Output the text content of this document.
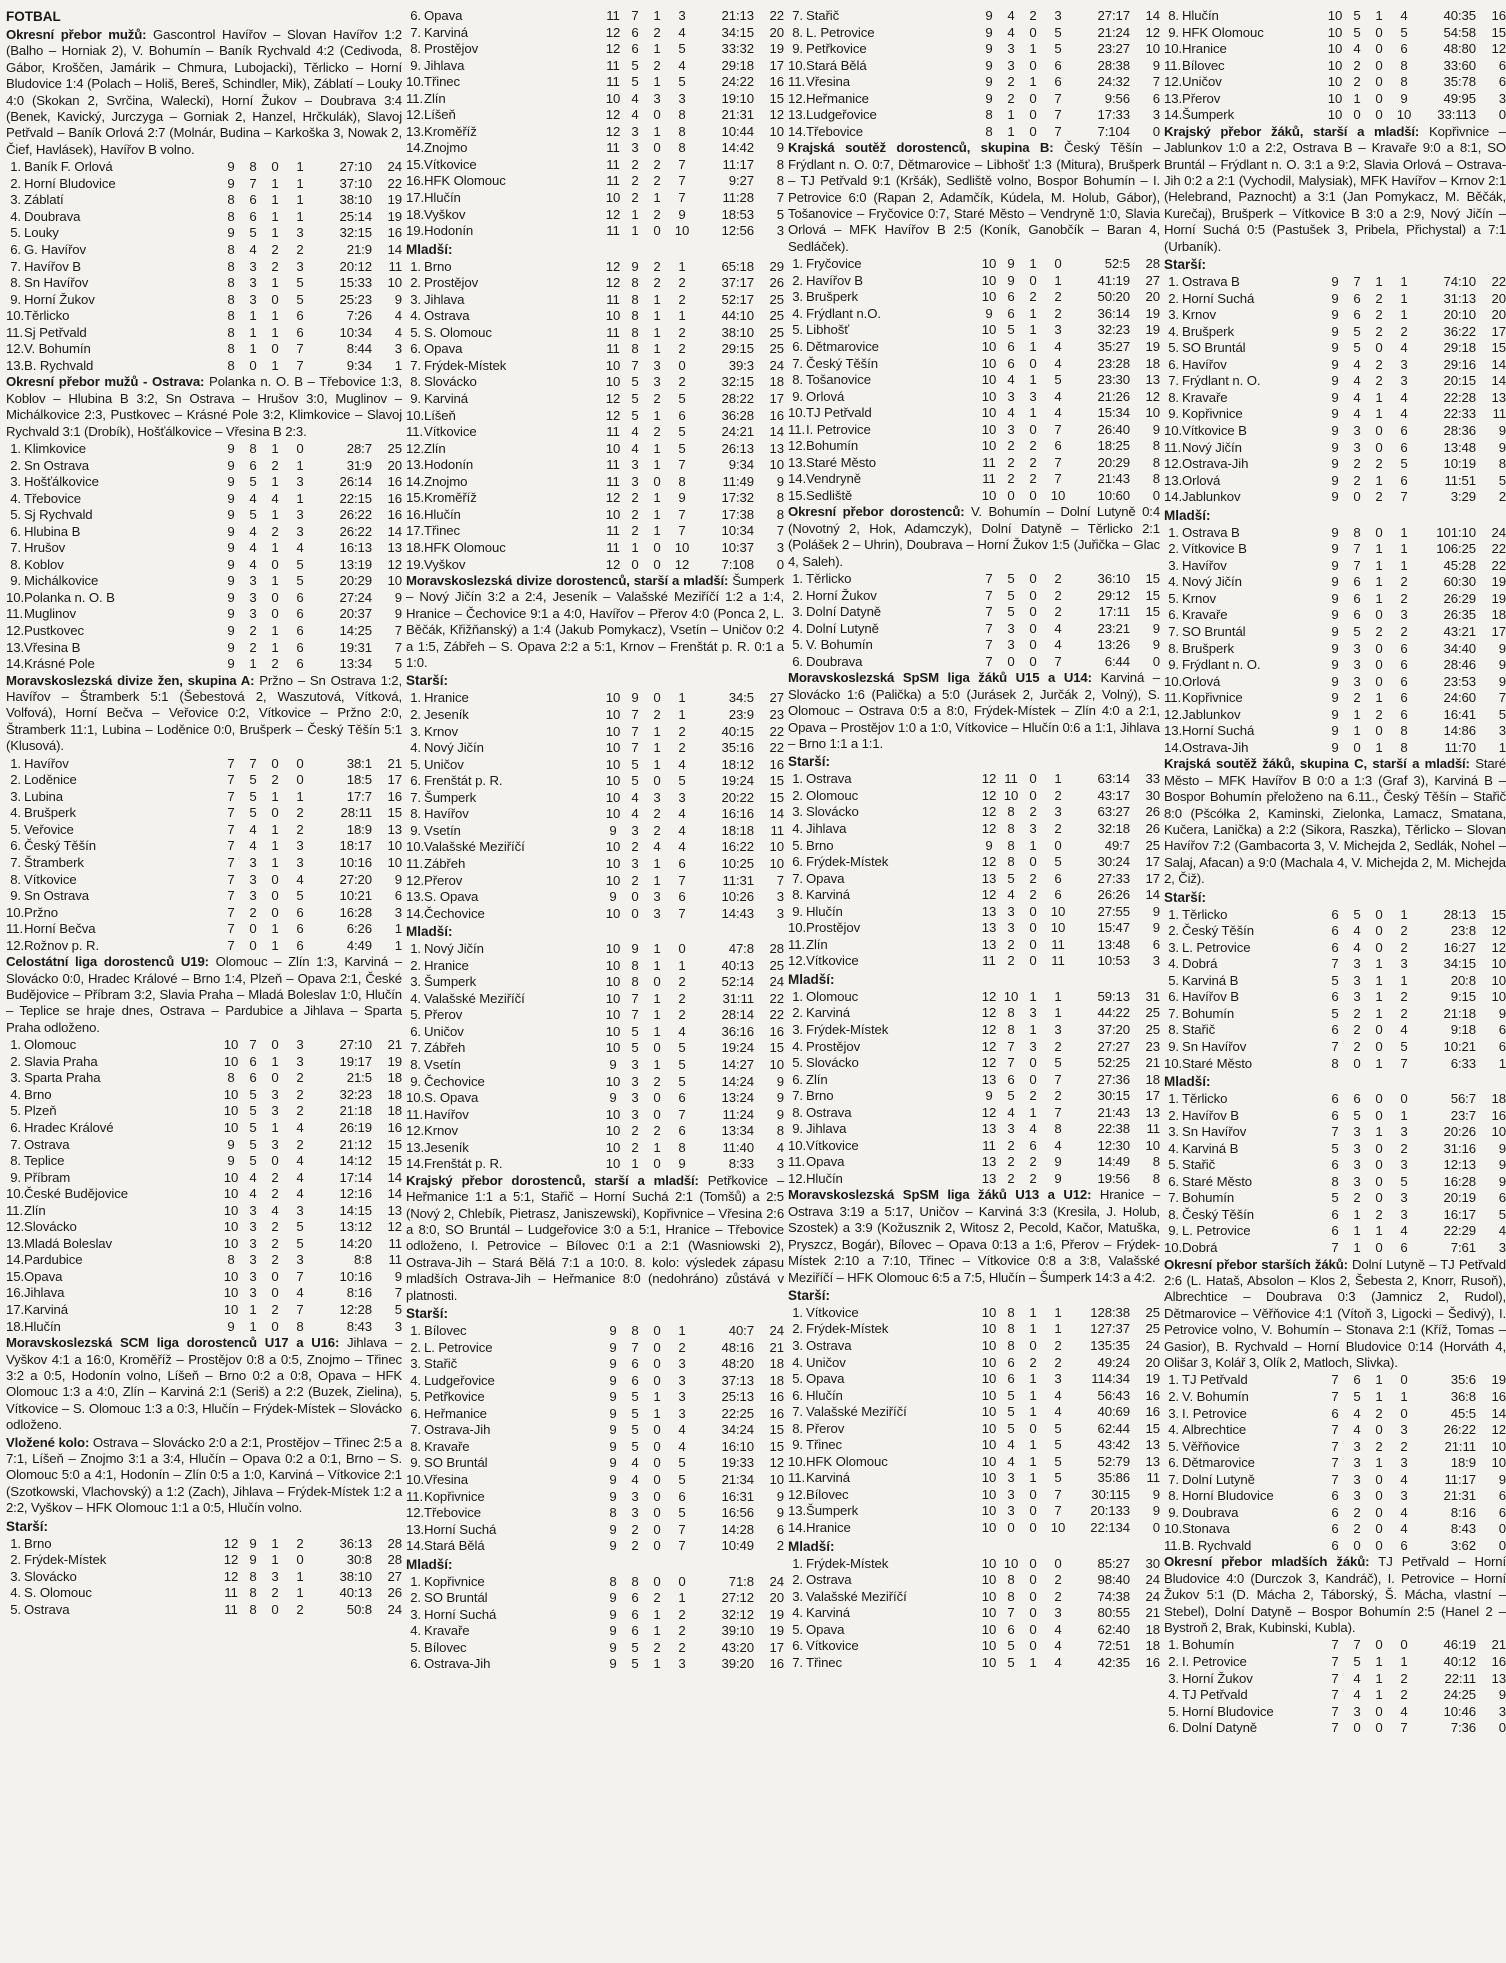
FOTBAL

Okresní přebor mužů: Gascontrol Havířov – Slovan Havířov 1:2 (Balho – Horniak 2), V. Bohumín – Baník Rychvald 4:2 (Cedivoda, Gábor, Kroščen, Jamárik – Chmura, Lubojacki), Těrlicko – Horní Bludovice 1:4 (Polach – Holiš, Bereš, Schindler, Mik), Záblatí – Louky 4:0 (Skokan 2, Svrčina, Walecki), Horní Žukov – Doubrava 3:4 (Benek, Kavický, Jurczyga – Gorniak 2, Hanzel, Hrčkulák), Slavoj Petřvald – Baník Orlová 2:7 (Molnár, Budina – Karkoška 3, Nowak 2, Čief, Havlásek), Havířov B volno.

1. Baník F. Orlová	9	8	0	1	27:10	24
2. Horní Bludovice	9	7	1	1	37:10	22
3. Záblatí	8	6	1	1	38:10	19
4. Doubrava	8	6	1	1	25:14	19
5. Louky	9	5	1	3	32:15	16
6. G. Havířov	8	4	2	2	21:9	14
7. Havířov B	8	3	2	3	20:12	11
8. Sn Havířov	8	3	1	5	15:33	10
9. Horní Žukov	8	3	0	5	25:23	9
10. Těrlicko	8	1	1	6	7:26	4
11. Sj Petřvald	8	1	1	6	10:34	4
12. V. Bohumín	8	1	0	7	8:44	3
13. B. Rychvald	8	0	1	7	9:34	1

Okresní přebor mužů - Ostrava: Polanka n. O. B – Třebovice 1:3, Koblov – Hlubina B 3:2, Sn Ostrava – Hrušov 3:0, Muglinov – Michálkovice 2:3, Pustkovec – Krásné Pole 3:2, Klimkovice – Slavoj Rychvald 3:1 (Drobík), Hošťálkovice – Vřesina B 2:3.

1. Klimkovice	9	8	1	0	28:7	25
2. Sn Ostrava	9	6	2	1	31:9	20
3. Hošťálkovice	9	5	1	3	26:14	16
4. Třebovice	9	4	4	1	22:15	16
5. Sj Rychvald	9	5	1	3	26:22	16
6. Hlubina B	9	4	2	3	26:22	14
7. Hrušov	9	4	1	4	16:13	13
8. Koblov	9	4	0	5	13:19	12
9. Michálkovice	9	3	1	5	20:29	10
10. Polanka n. O. B	9	3	0	6	27:24	9
11. Muglinov	9	3	0	6	20:37	9
12. Pustkovec	9	2	1	6	14:25	7
13. Vřesina B	9	2	1	6	19:31	7
14. Krásné Pole	9	1	2	6	13:34	5

Moravskoslezská divize žen, skupina A: Pržno – Sn Ostrava 1:2, Havířov – Štramberk 5:1 (Šebestová 2, Waszutová, Vítková, Volfová), Horní Bečva – Veřovice 0:2, Vítkovice – Pržno 2:0, Štramberk 11:1, Lubina – Loděnice 0:0, Brušperk – Český Těšín 5:1 (Klusová).

1. Havířov	7	7	0	0	38:1	21
2. Loděnice	7	5	2	0	18:5	17
3. Lubina	7	5	1	1	17:7	16
4. Brušperk	7	5	0	2	28:11	15
5. Veřovice	7	4	1	2	18:9	13
6. Český Těšín	7	4	1	3	18:17	10
7. Štramberk	7	3	1	3	10:16	10
8. Vítkovice	7	3	0	4	27:20	9
9. Sn Ostrava	7	3	0	5	10:21	6
10. Pržno	7	2	0	6	16:28	3
11. Horní Bečva	7	0	1	6	6:26	1
12. Rožnov p. R.	7	0	1	6	4:49	1

Celostátní liga dorostenců U19: Olomouc – Zlín 1:3, Karviná – Slovácko 0:0, Hradec Králové – Brno 1:4, Plzeň – Opava 2:1, České Budějovice – Příbram 3:2, Slavia Praha – Mladá Boleslav 1:0, Hlučín – Teplice se hraje dnes, Ostrava – Pardubice a Jihlava – Sparta Praha odloženo.

1. Olomouc	10 7	0	3	27:10	21
2. Slavia Praha	10 6	1	3	19:17	19
3. Sparta Praha	8	6	0	2	21:5	18
4. Brno	10 5	3	2	32:23	18
5. Plzeň	10 5	3	2	21:18	18
6. Hradec Králové	10 5	1	4	26:19	16
7. Ostrava	9	5	3	2	21:12	15
8. Teplice	9	5	0	4	14:12	15
9. Příbram	10 4	2	4	17:14	14
10. České Budějovice	10 4	2	4	12:16	14
11. Zlín	10 3	4	3	14:15	13
12. Slovácko	10 3	2	5	13:12	12
13. Mladá Boleslav	10 3	2	5	14:20	11
14. Pardubice	8	3	2	3	8:8	11
15. Opava	10 3	0	7	10:16	9
16. Jihlava	10 3	0	4	8:16	7
17. Karviná	10 1	2	7	12:28	5
18. Hlučín	9	1	0	8	8:43	3

Moravskoslezská SCM liga dorostenců U17 a U16: Jihlava – Vyškov 4:1 a 16:0, Kroměříž – Prostějov 0:8 a 0:5, Znojmo – Třinec 3:2 a 0:5, Hodonín volno, Líšeň – Brno 0:2 a 0:8, Opava – HFK Olomouc 1:3 a 4:0, Zlín – Karviná 2:1 (Seriš) a 2:2 (Buzek, Zielina), Vítkovice – S. Olomouc 1:3 a 0:3, Hlučín – Frýdek-Místek – Slovácko odloženo.

Vložené kolo: Ostrava – Slovácko 2:0 a 2:1, Prostějov – Třinec 2:5 a 7:1, Líšeň – Znojmo 3:1 a 3:4, Hlučín – Opava 0:2 a 0:1, Brno – S. Olomouc 5:0 a 4:1, Hodonín – Zlín 0:5 a 1:0, Karviná – Vítkovice 2:1 (Szotkowski, Vlachovský) a 1:2 (Zach), Jihlava – Frýdek-Místek 1:2 a 2:2, Vyškov – HFK Olomouc 1:1 a 0:5, Hlučín volno.

Starší:
1. Brno	12 9	1	2	36:13	28
2. Frýdek-Místek	12 9	1	0	30:8	28
3. Slovácko	12 8	3	1	38:10	27
4. S. Olomouc	11 8	2	1	40:13	26
5. Ostrava	11 8	0	2	50:8	24
6. Opava	11 7	1	3	21:13	22
7. Karviná	12 6	2	4	34:15	20
8. Prostějov	12 6	1	5	33:32	19
9. Jihlava	11 5	2	4	29:18	17
10. Třinec	11 5	1	5	24:22	16
11. Zlín	10 4	3	3	19:10	15
12. Líšeň	12 4	0	8	21:31	12
13. Kroměříž	12 3	1	8	10:44	10
14. Znojmo	11 3	0	8	14:42	9
15. Vítkovice	11 2	2	7	11:17	8
16. HFK Olomouc	11 2	2	7	9:27	8
17. Hlučín	10 2	1	7	11:28	7
18. Vyškov	12 1	2	9	18:53	5
19. Hodonín	11 1	0	10	12:56	3
Mladší:
1. Brno	12 9	2	1	65:18	29
2. Prostějov	12 8	2	2	37:17	26
3. Jihlava	11 8	1	2	52:17	25
4. Ostrava	10 8	1	1	44:10	25
5. S. Olomouc	11 8	1	2	38:10	25
6. Opava	11 8	1	2	29:15	25
7. Frýdek-Místek	10 7	3	0	39:3	24
8. Slovácko	10 5	3	2	32:15	18
9. Karviná	12 5	2	5	28:22	17
10. Líšeň	12 5	1	6	36:28	16
11. Vítkovice	11 4	2	5	24:21	14
12. Zlín	10 4	1	5	26:13	13
13. Hodonín	11 3	1	7	9:34	10
14. Znojmo	11 3	0	8	11:49	9
15. Kroměříž	12 2	1	9	17:32	8
16. Hlučín	10 2	1	7	17:38	8
17. Třinec	11 2	1	7	10:34	7
18. HFK Olomouc	11 1	0	10	10:37	3
19. Vyškov	12 0	0	12	7:108	0

Moravskoslezská divize dorostenců, starší a mladší: Šumperk – Nový Jičín 3:2 a 2:4, Jeseník – Valašské Meziříčí 1:2 a 1:4, Hranice – Čechovice 9:1 a 4:0, Havířov – Přerov 4:0 (Ponca 2, L. Běčák, Křižňanský) a 1:4 (Jakub Pomykacz), Vsetín – Uničov 0:2 a 1:5, Zábřeh – S. Opava 2:2 a 5:1, Krnov – Frenštát p. R. 0:1 a 1:0.

Starší:
1. Hranice	10 9	0	1	34:5	27
2. Jeseník	10 7	2	1	23:9	23
3. Krnov	10 7	1	2	40:15	22
4. Nový Jičín	10 7	1	2	35:16	22
5. Uničov	10 5	1	4	18:12	16
6. Frenštát p. R.	10 5	0	5	19:24	15
7. Šumperk	10 4	3	3	20:22	15
8. Havířov	10 4	2	4	16:16	14
9. Vsetín	9	3	2	4	18:18	11
10. Valašské Meziříčí	10 2	4	4	16:22	10
11. Zábřeh	10 3	1	6	10:25	10
12. Přerov	10 2	1	7	11:31	7
13. S. Opava	9	0	3	6	10:26	3
14. Čechovice	10 0	3	7	14:43	3
Mladší:
1. Nový Jičín	10 9	1	0	47:8	28
2. Hranice	10 8	1	1	40:13	25
3. Šumperk	10 8	0	2	52:14	24
4. Valašské Meziříčí	10 7	1	2	31:11	22
5. Přerov	10 7	1	2	28:14	22
6. Uničov	10 5	1	4	36:16	16
7. Zábřeh	10 5	0	5	19:24	15
8. Vsetín	9	3	1	5	14:27	10
9. Čechovice	10 3	2	5	14:24	9
10. S. Opava	9	3	0	6	13:24	9
11. Havířov	10 3	0	7	11:24	9
12. Krnov	10 2	2	6	13:34	8
13. Jeseník	10 2	1	8	11:40	4
14. Frenštát p. R.	10 1	0	9	8:33	3

Krajský přebor dorostenců, starší a mladší: Petřkovice – Heřmanice 1:1 a 5:1, Stařič – Horní Suchá 2:1 (Tomšů) a 2:5 (Nový 2, Chlebík, Pietrasz, Janiszewski), Kopřivnice – Vřesina 2:6 a 8:0, SO Bruntál – Ludgeřovice 3:0 a 5:1, Hranice – Třebovice odloženo, I. Petrovice – Bílovec 0:1 a 2:1 (Wasniowski 2), Ostrava-Jih – Stará Bělá 7:1 a 10:0. 8. kolo: výsledek zápasu mladších Ostrava-Jih – Heřmanice 8:0 (nedohráno) zůstává v platnosti.

Starší:
1. Bílovec	9	8	0	1	40:7	24
2. L. Petrovice	9	7	0	2	48:16	21
3. Stařič	9	6	0	3	48:20	18
4. Ludgeřovice	9	6	0	3	37:13	18
5. Petřkovice	9	5	1	3	25:13	16
6. Heřmanice	9	5	1	3	22:25	16
7. Ostrava-Jih	9	5	0	4	34:24	15
8. Kravaře	9	5	0	4	16:10	15
9. SO Bruntál	9	4	0	5	19:33	12
10. Vřesina	9	4	0	5	21:34	10
11. Kopřivnice	9	3	0	6	16:31	9
12. Třebovice	8	3	0	5	16:56	9
13. Horní Suchá	9	2	0	7	14:28	6
14. Stará Bělá	9	2	0	7	10:49	2
Mladší:
1. Kopřivnice	8	8	0	0	71:8	24
2. SO Bruntál	9	6	2	1	27:12	20
3. Horní Suchá	9	6	1	2	32:12	19
4. Kravaře	9	6	1	2	39:10	19
5. Bílovec	9	5	2	2	43:20	17
6. Ostrava-Jih	9	5	1	3	39:20	16
7. Stařič	9	4	2	3	27:17	14
8. L. Petrovice	9	4	0	5	21:24	12
9. Petřkovice	9	3	1	5	23:27	10
10. Stará Bělá	9	3	0	6	28:38	9
11. Vřesina	9	2	1	6	24:32	7
12. Heřmanice	9	2	0	7	9:56	6
13. Ludgeřovice	8	1	0	7	17:33	3
14. Třebovice	8	1	0	7	7:104	0

Krajská soutěž dorostenců, skupina B: Český Těšín – Frýdlant n. O. 0:7, Dětmarovice – Libhošť 1:3 (Mitura), Brušperk – TJ Petřvald 9:1 (Kršák), Sedliště volno, Bospor Bohumín – I. Petrovice 6:0 (Rapan 2, Adamčík, Kúdela, M. Holub, Gábor), Tošanovice – Fryčovice 0:7, Staré Město – Vendryně 1:0, Slavia Orlová – MFK Havířov B 2:5 (Koník, Ganobčík – Baran 4, Sedláček).

1. Fryčovice	10 9	1	0	52:5	28
2. Havířov B	10 9	0	1	41:19	27
3. Brušperk	10 6	2	2	50:20	20
4. Frýdlant n.O.	9	6	1	2	36:14	19
5. Libhošť	10 5	1	3	32:23	19
6. Dětmarovice	10 6	1	4	35:27	19
7. Český Těšín	10 6	0	4	23:28	18
8. Tošanovice	10 4	1	5	23:30	13
9. Orlová	10 3	3	4	21:26	12
10. TJ Petřvald	10 4	1	4	15:34	10
11. I. Petrovice	10 3	0	7	26:40	9
12. Bohumín	10 2	2	6	18:25	8
13. Staré Město	11 2	2	7	20:29	8
14. Vendryně	11 2	2	7	21:43	8
15. Sedliště	10 0	0	10	10:60	0

Okresní přebor dorostenců: V. Bohumín – Dolní Lutyně 0:4 (Novotný 2, Hok, Adamczyk), Dolní Datyně – Těrlicko 2:1 (Polášek 2 – Uhrin), Doubrava – Horní Žukov 1:5 (Juřička – Glac 4, Saleh).

1. Těrlicko	7	5	0	2	36:10	15
2. Horní Žukov	7	5	0	2	29:12	15
3. Dolní Datyně	7	5	0	2	17:11	15
4. Dolní Lutyně	7	3	0	4	23:21	9
5. V. Bohumín	7	3	0	4	13:26	9
6. Doubrava	7	0	0	7	6:44	0

Moravskoslezská SpSM liga žáků U15 a U14: Karviná – Slovácko 1:6 (Palička) a 5:0 (Jurásek 2, Jurčák 2, Volný), S. Olomouc – Ostrava 0:5 a 8:0, Frýdek-Místek – Zlín 4:0 a 2:1, Opava – Prostějov 1:0 a 1:0, Vítkovice – Hlučín 0:6 a 1:1, Jihlava – Brno 1:1 a 1:1.

Starší:
1. Ostrava	12 11 0	1	63:14	33
2. Olomouc	12 10 0	2	43:17	30
3. Slovácko	12 8	2	3	63:27	26
4. Jihlava	12 8	3	2	32:18	26
5. Brno	9	8	1	0	49:7	25
6. Frýdek-Místek	12 8	0	5	30:24	17
7. Opava	13 5	2	6	27:33	17
8. Karviná	12 4	2	6	26:26	14
9. Hlučín	13 3	0	10	27:55	9
10. Prostějov	13 3	0	10	15:47	9
11. Zlín	13 2	0	11	13:48	6
12. Vítkovice	11 2	0	11	10:53	3
Mladší:
1. Olomouc	12 10 1	1	59:13	31
2. Karviná	12 8	3	1	44:22	25
3. Frýdek-Místek	12 8	1	3	37:20	25
4. Prostějov	12 7	3	2	27:27	23
5. Slovácko	12 7	0	5	52:25	21
6. Zlín	13 6	0	7	27:36	18
7. Brno	9	5	2	2	30:15	17
8. Ostrava	12 4	1	7	21:43	13
9. Jihlava	13 3	4	8	22:38	11
10. Vítkovice	11 2	6	4	12:30	10
11. Opava	13 2	2	9	14:49	8
12. Hlučín	13 2	2	9	19:56	8

Moravskoslezská SpSM liga žáků U13 a U12: Hranice – Ostrava 3:19 a 5:17, Uničov – Karviná 3:3 (Kresila, J. Holub, Szostek) a 3:9 (Kožusznik 2, Witosz 2, Pecold, Kačor, Matuška, Pryszcz, Bogár), Bílovec – Opava 0:13 a 1:6, Přerov – Frýdek-Místek 2:10 a 7:10, Třinec – Vítkovice 0:8 a 3:8, Valašské Meziříčí – HFK Olomouc 6:5 a 7:5, Hlučín – Šumperk 14:3 a 4:2.

Starší:
1. Vítkovice	10 8	1	1	128:38	25
2. Frýdek-Místek	10 8	1	1	127:37	25
3. Ostrava	10 8	0	2	135:35	24
4. Uničov	10 6	2	2	49:24	20
5. Opava	10 6	1	3	114:34	19
6. Hlučín	10 5	1	4	56:43	16
7. Valašské Meziříčí	10 5	1	4	40:69	16
8. Přerov	10 5	0	5	62:44	15
9. Třinec	10 4	1	5	43:42	13
10. HFK Olomouc	10 4	1	5	52:79	13
11. Karviná	10 3	1	5	35:86	11
12. Bílovec	10 3	0	7	30:115	9
13. Šumperk	10 3	0	7	20:133	9
14. Hranice	10 0	0	10	22:134	0
Mladší:
1. Frýdek-Místek	10 10 0	0	85:27	30
2. Ostrava	10 8	0	2	98:40	24
3. Valašské Meziříčí	10 8	0	2	74:38	24
4. Karviná	10 7	0	3	80:55	21
5. Opava	10 6	0	4	62:40	18
6. Vítkovice	10 5	0	4	72:51	18
7. Třinec	10 5	1	4	42:35	16
8. Hlučín	10 5	1	4	40:35	16
9. HFK Olomouc	10 5	0	5	54:58	15
10. Hranice	10 4	0	6	48:80	12
11. Bílovec	10 2	0	8	33:60	6
12. Uničov	10 2	0	8	35:78	6
13. Přerov	10 1	0	9	49:95	3
14. Šumperk	10 0	0	10	33:113	0

Krajský přebor žáků, starší a mladší: Kopřivnice – Jablunkov 1:0 a 2:2, Ostrava B – Kravaře 9:0 a 8:1, SO Bruntál – Frýdlant n. O. 3:1 a 9:2, Slavia Orlová – Ostrava-Jih 0:2 a 2:1 (Vychodil, Malysiak), MFK Havířov – Krnov 2:1 (Helebrand, Paznocht) a 3:1 (Jan Pomykacz, M. Běčák, Kurečaj), Brušperk – Vítkovice B 3:0 a 2:9, Nový Jičín – Horní Suchá 0:5 (Pastušek 3, Pribela, Přichystal) a 7:1 (Urbaník).

Starší:
1. Ostrava B	9	7	1	1	74:10	22
2. Horní Suchá	9	6	2	1	31:13	20
3. Krnov	9	6	2	1	20:10	20
4. Brušperk	9	5	2	2	36:22	17
5. SO Bruntál	9	5	0	4	29:18	15
6. Havířov	9	4	2	3	29:16	14
7. Frýdlant n. O.	9	4	2	3	20:15	14
8. Kravaře	9	4	1	4	22:28	13
9. Kopřivnice	9	4	1	4	22:33	11
10. Vítkovice B	9	3	0	6	28:36	9
11. Nový Jičín	9	3	0	6	13:48	9
12. Ostrava-Jih	9	2	2	5	10:19	8
13. Orlová	9	2	1	6	11:51	5
14. Jablunkov	9	0	2	7	3:29	2
Mladší:
1. Ostrava B	9	8	0	1	101:10	24
2. Vítkovice B	9	7	1	1	106:25	22
3. Havířov	9	7	1	1	45:28	22
4. Nový Jičín	9	6	1	2	60:30	19
5. Krnov	9	6	1	2	26:29	19
6. Kravaře	9	6	0	3	26:35	18
7. SO Bruntál	9	5	2	2	43:21	17
8. Brušperk	9	3	0	6	34:40	9
9. Frýdlant n. O.	9	3	0	6	28:46	9
10. Orlová	9	3	0	6	23:53	9
11. Kopřivnice	9	2	1	6	24:60	7
12. Jablunkov	9	1	2	6	16:41	5
13. Horní Suchá	9	1	0	8	14:86	3
14. Ostrava-Jih	9	0	1	8	11:70	1

Krajská soutěž žáků, skupina C, starší a mladší: Staré Město – MFK Havířov B 0:0 a 1:3 (Graf 3), Karviná B – Bospor Bohumín přeloženo na 6.11., Český Těšín – Stařič 8:0 (Pšcółka 2, Kaminski, Zielonka, Lamacz, Smatana, Kučera, Lanička) a 2:2 (Sikora, Raszka), Těrlicko – Slovan Havířov 7:2 (Gambacorta 3, V. Michejda 2, Sedlák, Nohel – Salaj, Afacan) a 9:0 (Machala 4, V. Michejda 2, M. Michejda 2, Čiž).

Starší:
1. Těrlicko	6	5	0	1	28:13	15
2. Český Těšín	6	4	0	2	23:8	12
3. L. Petrovice	6	4	0	2	16:27	12
4. Dobrá	7	3	1	3	34:15	10
5. Karviná B	5	3	1	1	20:8	10
6. Havířov B	6	3	1	2	9:15	10
7. Bohumín	5	2	1	2	21:18	9
8. Stařič	6	2	0	4	9:18	6
9. Sn Havířov	7	2	0	5	10:21	6
10. Staré Město	8	0	1	7	6:33	1
Mladší:
1. Těrlicko	6	6	0	0	56:7	18
2. Havířov B	6	5	0	1	23:7	16
3. Sn Havířov	7	3	1	3	20:26	10
4. Karviná B	5	3	0	2	31:16	9
5. Stařič	6	3	0	3	12:13	9
6. Staré Město	8	3	0	5	16:28	9
7. Bohumín	5	2	0	3	20:19	6
8. Český Těšín	6	1	2	3	16:17	5
9. L. Petrovice	6	1	1	4	22:29	4
10. Dobrá	7	1	0	6	7:61	3

Okresní přebor starších žáků: Dolní Lutyně – TJ Petřvald 2:6 (L. Hataš, Absolon – Klos 2, Šebesta 2, Knorr, Rusoň), Albrechtice – Doubrava 0:3 (Jamnicz 2, Rudol), Dětmarovice – Věřňovice 4:1 (Vítoň 3, Ligocki – Šedivý), I. Petrovice volno, V. Bohumín – Stonava 2:1 (Kříž, Tomas – Gasior), B. Rychvald – Horní Bludovice 0:14 (Horváth 4, Olišar 3, Kolář 3, Olík 2, Matloch, Slivka).

1. TJ Petřvald	7	6	1	0	35:6	19
2. V. Bohumín	7	5	1	1	36:8	16
3. I. Petrovice	6	4	2	0	45:5	14
4. Albrechtice	7	4	0	3	26:22	12
5. Věřňovice	7	3	2	2	21:11	10
6. Dětmarovice	7	3	1	3	18:9	10
7. Dolní Lutyně	7	3	0	4	11:17	9
8. Horní Bludovice	6	3	0	3	21:31	6
9. Doubrava	6	2	0	4	8:16	6
10. Stonava	6	2	0	4	8:43	0
11. B. Rychvald	6	0	0	6	3:62	0

Okresní přebor mladších žáků: TJ Petřvald – Horní Bludovice 4:0 (Durczok 3, Kandráč), I. Petrovice – Horní Žukov 5:1 (D. Mácha 2, Táborský, Š. Mácha, vlastní – Stebel), Dolní Datyně – Bospor Bohumín 2:5 (Hanel 2 – Bystroň 2, Brak, Kubinski, Kubla).

1. Bohumín	7	7	0	0	46:19	21
2. I. Petrovice	7	5	1	1	40:12	16
3. Horní Žukov	7	4	1	2	22:11	13
4. TJ Petřvald	7	4	1	2	24:25	9
5. Horní Bludovice	7	3	0	4	10:46	3
6. Dolní Datyně	7	0	0	7	7:36	0
